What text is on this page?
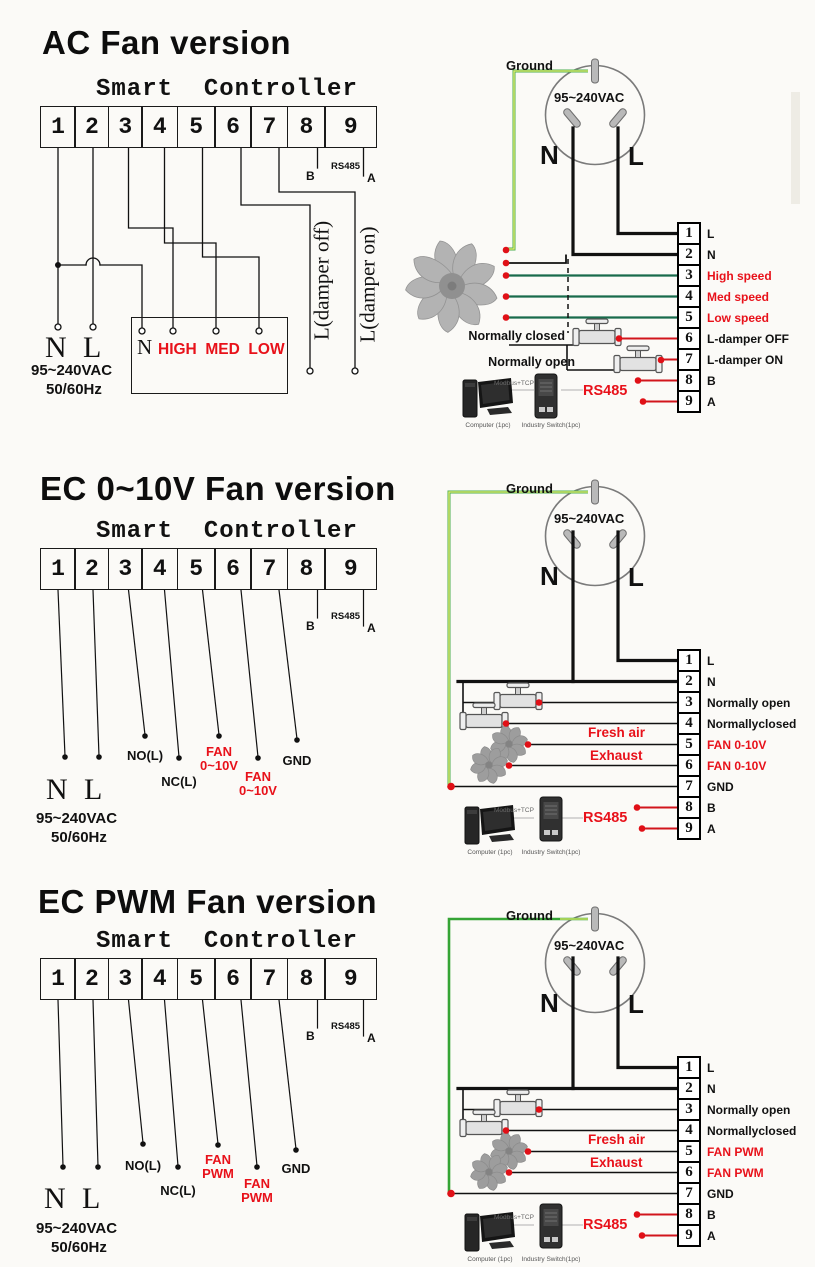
AC Fan version
Smart  Controller
1 2 3 4 5	6 7	8	9
B
RS485
A
N L
95~240VAC
50/60Hz
N HIGH  MED  LOW
L(damper off) L(damper on)
Ground
95~240VAC
N	L
1	L
2	N
3	High speed
4	Med speed
5	Low speed
6	L-damper OFF
7	L-damper ON
8	B
9	A
Normally closed
Normally open
RS485
Modbus+TCP
Computer (1pc)	Industry Switch(1pc)
EC 0~10V Fan version
Smart  Controller
1 2 3 4 5	6 7	8	9
B
RS485
A
NO(L)
NC(L)
FAN
0~10V
FAN
0~10V
GND
N L
95~240VAC
50/60Hz
Ground
95~240VAC
N	L
1	L
2	N
3	Normally open
4	Normallyclosed
5	FAN 0-10V
6	FAN 0-10V
7	GND
8	B
9	A
Fresh air
Exhaust
RS485
Modbus+TCP
Computer (1pc)	Industry Switch(1pc)
EC PWM Fan version
Smart  Controller
1 2 3 4 5	6 7	8	9
B
RS485
A
NO(L)
NC(L)
FAN
PWM
FAN
PWM
GND
N L
95~240VAC
50/60Hz
Ground
95~240VAC
N	L
1	L
2	N
3	Normally open
4	Normallyclosed
5	FAN PWM
6	FAN PWM
7	GND
8	B
9	A
Fresh air
Exhaust
RS485
Modbus+TCP
Computer (1pc)	Industry Switch(1pc)
